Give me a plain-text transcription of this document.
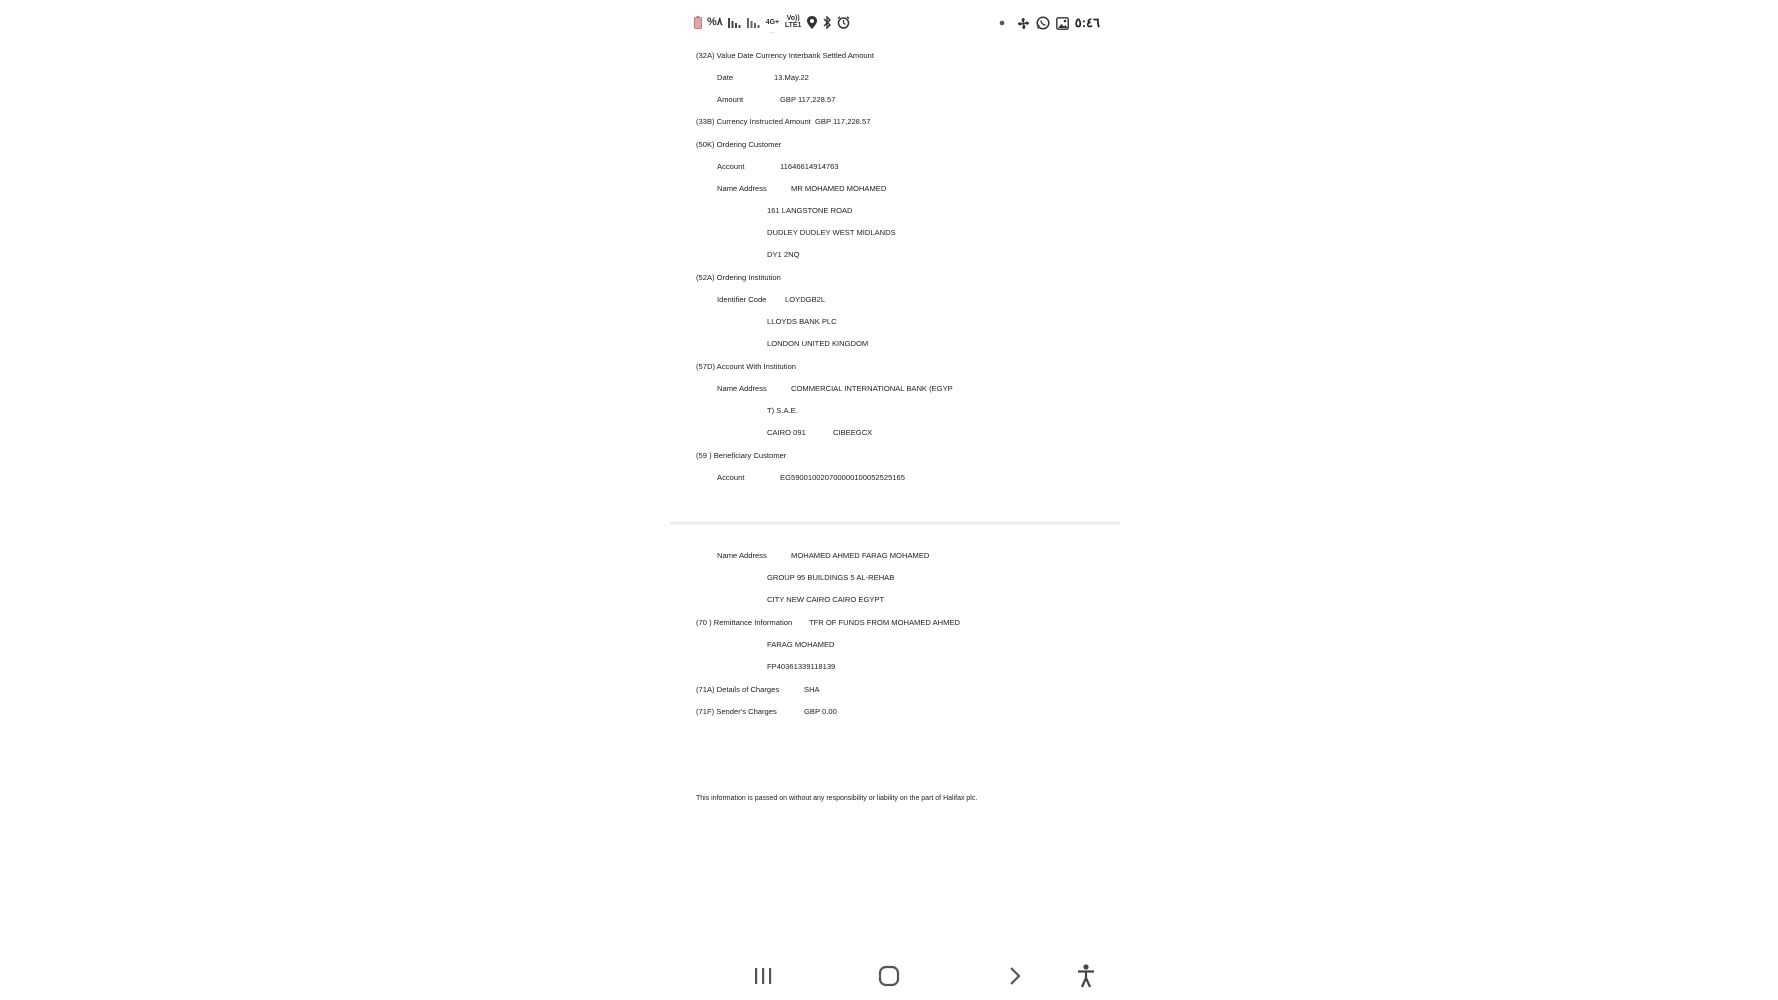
%٨	4G+	Vo)) LTE1	٥:٤٦
...
(32A) Value Date Currency Interbank Settled Amount
Date	13.May.22
Amount	GBP 117,228.57
(33B) Currency Instructed Amount GBP 117,228.57
(50K) Ordering Customer
Account	11646614914763
Name Address	MR MOHAMED MOHAMED
161 LANGSTONE ROAD
DUDLEY DUDLEY WEST MIDLANDS
DY1 2NQ
(52A) Ordering Institution
Identifier Code LOYDGB2L
LLOYDS BANK PLC
LONDON UNITED KINGDOM
(57D) Account With Institution
Name Address	COMMERCIAL INTERNATIONAL BANK (EGYP
T) S.A.E.
CAIRO 091	CIBEEGCX
(59 ) Beneficiary Customer
Account	EG590010020700000100052525165
Name Address	MOHAMED AHMED FARAG MOHAMED
GROUP 95 BUILDINGS 5 AL-REHAB
CITY NEW CAIRO CAIRO EGYPT
(70 ) Remittance Information TFR OF FUNDS FROM MOHAMED AHMED
FARAG MOHAMED
FP40361339118139
(71A) Details of Charges	SHA
(71F) Sender's Charges	GBP 0.00
This information is passed on without any responsibility or liability on the part of Halifax plc.
